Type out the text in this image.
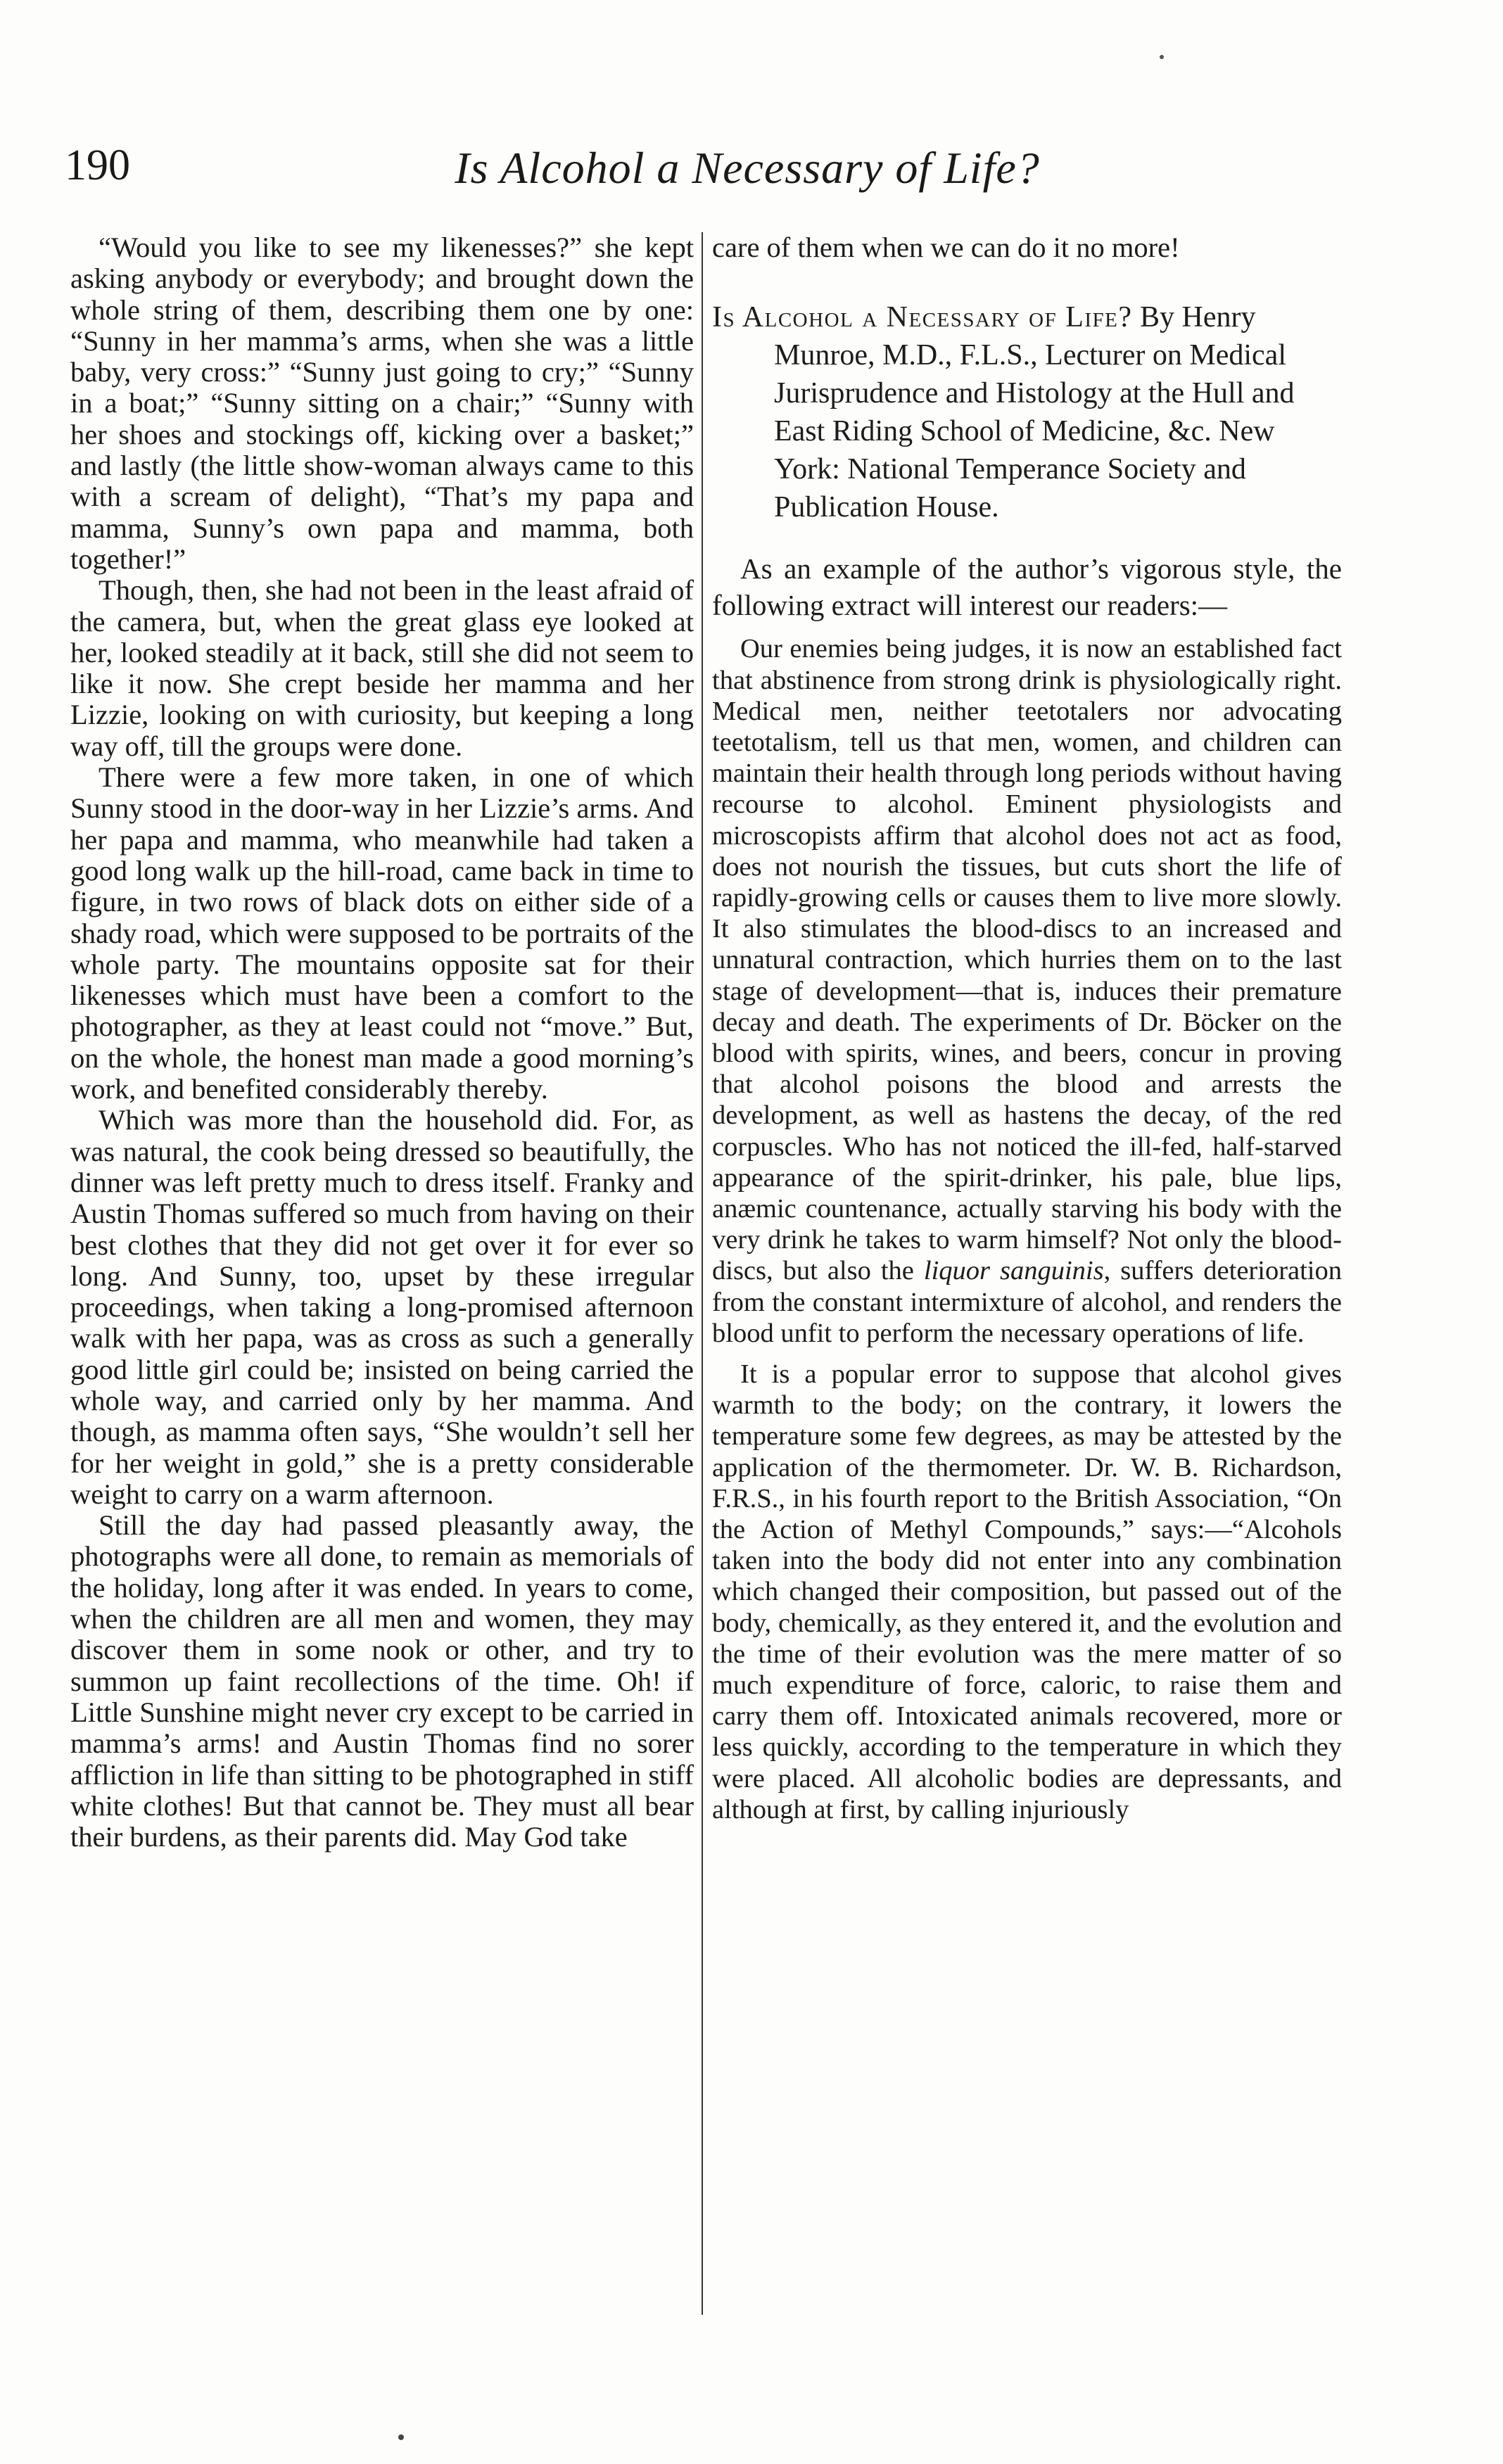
190	Is Alcohol a Necessary of Life?

“Would you like to see my likenesses?” she kept asking anybody or everybody; and brought down the whole string of them, describing them one by one: “Sunny in her mamma’s arms, when she was a little baby, very cross:” “Sunny just going to cry;” “Sunny in a boat;” “Sunny sitting on a chair;” “Sunny with her shoes and stockings off, kicking over a basket;” and lastly (the little show-woman always came to this with a scream of delight), “That’s my papa and mamma, Sunny’s own papa and mamma, both together!”

Though, then, she had not been in the least afraid of the camera, but, when the great glass eye looked at her, looked steadily at it back, still she did not seem to like it now. She crept beside her mamma and her Lizzie, looking on with curiosity, but keeping a long way off, till the groups were done.

There were a few more taken, in one of which Sunny stood in the door-way in her Lizzie’s arms. And her papa and mamma, who meanwhile had taken a good long walk up the hill-road, came back in time to figure, in two rows of black dots on either side of a shady road, which were supposed to be portraits of the whole party. The mountains opposite sat for their likenesses which must have been a comfort to the photographer, as they at least could not “move.” But, on the whole, the honest man made a good morning’s work, and benefited considerably thereby.

Which was more than the household did. For, as was natural, the cook being dressed so beautifully, the dinner was left pretty much to dress itself. Franky and Austin Thomas suffered so much from having on their best clothes that they did not get over it for ever so long. And Sunny, too, upset by these irregular proceedings, when taking a long-promised afternoon walk with her papa, was as cross as such a generally good little girl could be; insisted on being carried the whole way, and carried only by her mamma. And though, as mamma often says, “She wouldn’t sell her for her weight in gold,” she is a pretty considerable weight to carry on a warm afternoon.

Still the day had passed pleasantly away, the photographs were all done, to remain as memorials of the holiday, long after it was ended. In years to come, when the children are all men and women, they may discover them in some nook or other, and try to summon up faint recollections of the time. Oh! if Little Sunshine might never cry except to be carried in mamma’s arms! and Austin Thomas find no sorer affliction in life than sitting to be photographed in stiff white clothes! But that cannot be. They must all bear their burdens, as their parents did. May God take

care of them when we can do it no more!

Is Alcohol a Necessary of Life? By Henry Munroe, M.D., F.L.S., Lecturer on Medical Jurisprudence and Histology at the Hull and East Riding School of Medicine, &c. New York: National Temperance Society and Publication House.

As an example of the author’s vigorous style, the following extract will interest our readers:—

Our enemies being judges, it is now an established fact that abstinence from strong drink is physiologically right. Medical men, neither teetotalers nor advocating teetotalism, tell us that men, women, and children can maintain their health through long periods without having recourse to alcohol. Eminent physiologists and microscopists affirm that alcohol does not act as food, does not nourish the tissues, but cuts short the life of rapidly-growing cells or causes them to live more slowly. It also stimulates the blood-discs to an increased and unnatural contraction, which hurries them on to the last stage of development—that is, induces their premature decay and death. The experiments of Dr. Böcker on the blood with spirits, wines, and beers, concur in proving that alcohol poisons the blood and arrests the development, as well as hastens the decay, of the red corpuscles. Who has not noticed the ill-fed, half-starved appearance of the spirit-drinker, his pale, blue lips, anæmic countenance, actually starving his body with the very drink he takes to warm himself? Not only the blood-discs, but also the liquor sanguinis, suffers deterioration from the constant intermixture of alcohol, and renders the blood unfit to perform the necessary operations of life.

It is a popular error to suppose that alcohol gives warmth to the body; on the contrary, it lowers the temperature some few degrees, as may be attested by the application of the thermometer. Dr. W. B. Richardson, F.R.S., in his fourth report to the British Association, “On the Action of Methyl Compounds,” says:—“Alcohols taken into the body did not enter into any combination which changed their composition, but passed out of the body, chemically, as they entered it, and the evolution and the time of their evolution was the mere matter of so much expenditure of force, caloric, to raise them and carry them off. Intoxicated animals recovered, more or less quickly, according to the temperature in which they were placed. All alcoholic bodies are depressants, and although at first, by calling injuriously
